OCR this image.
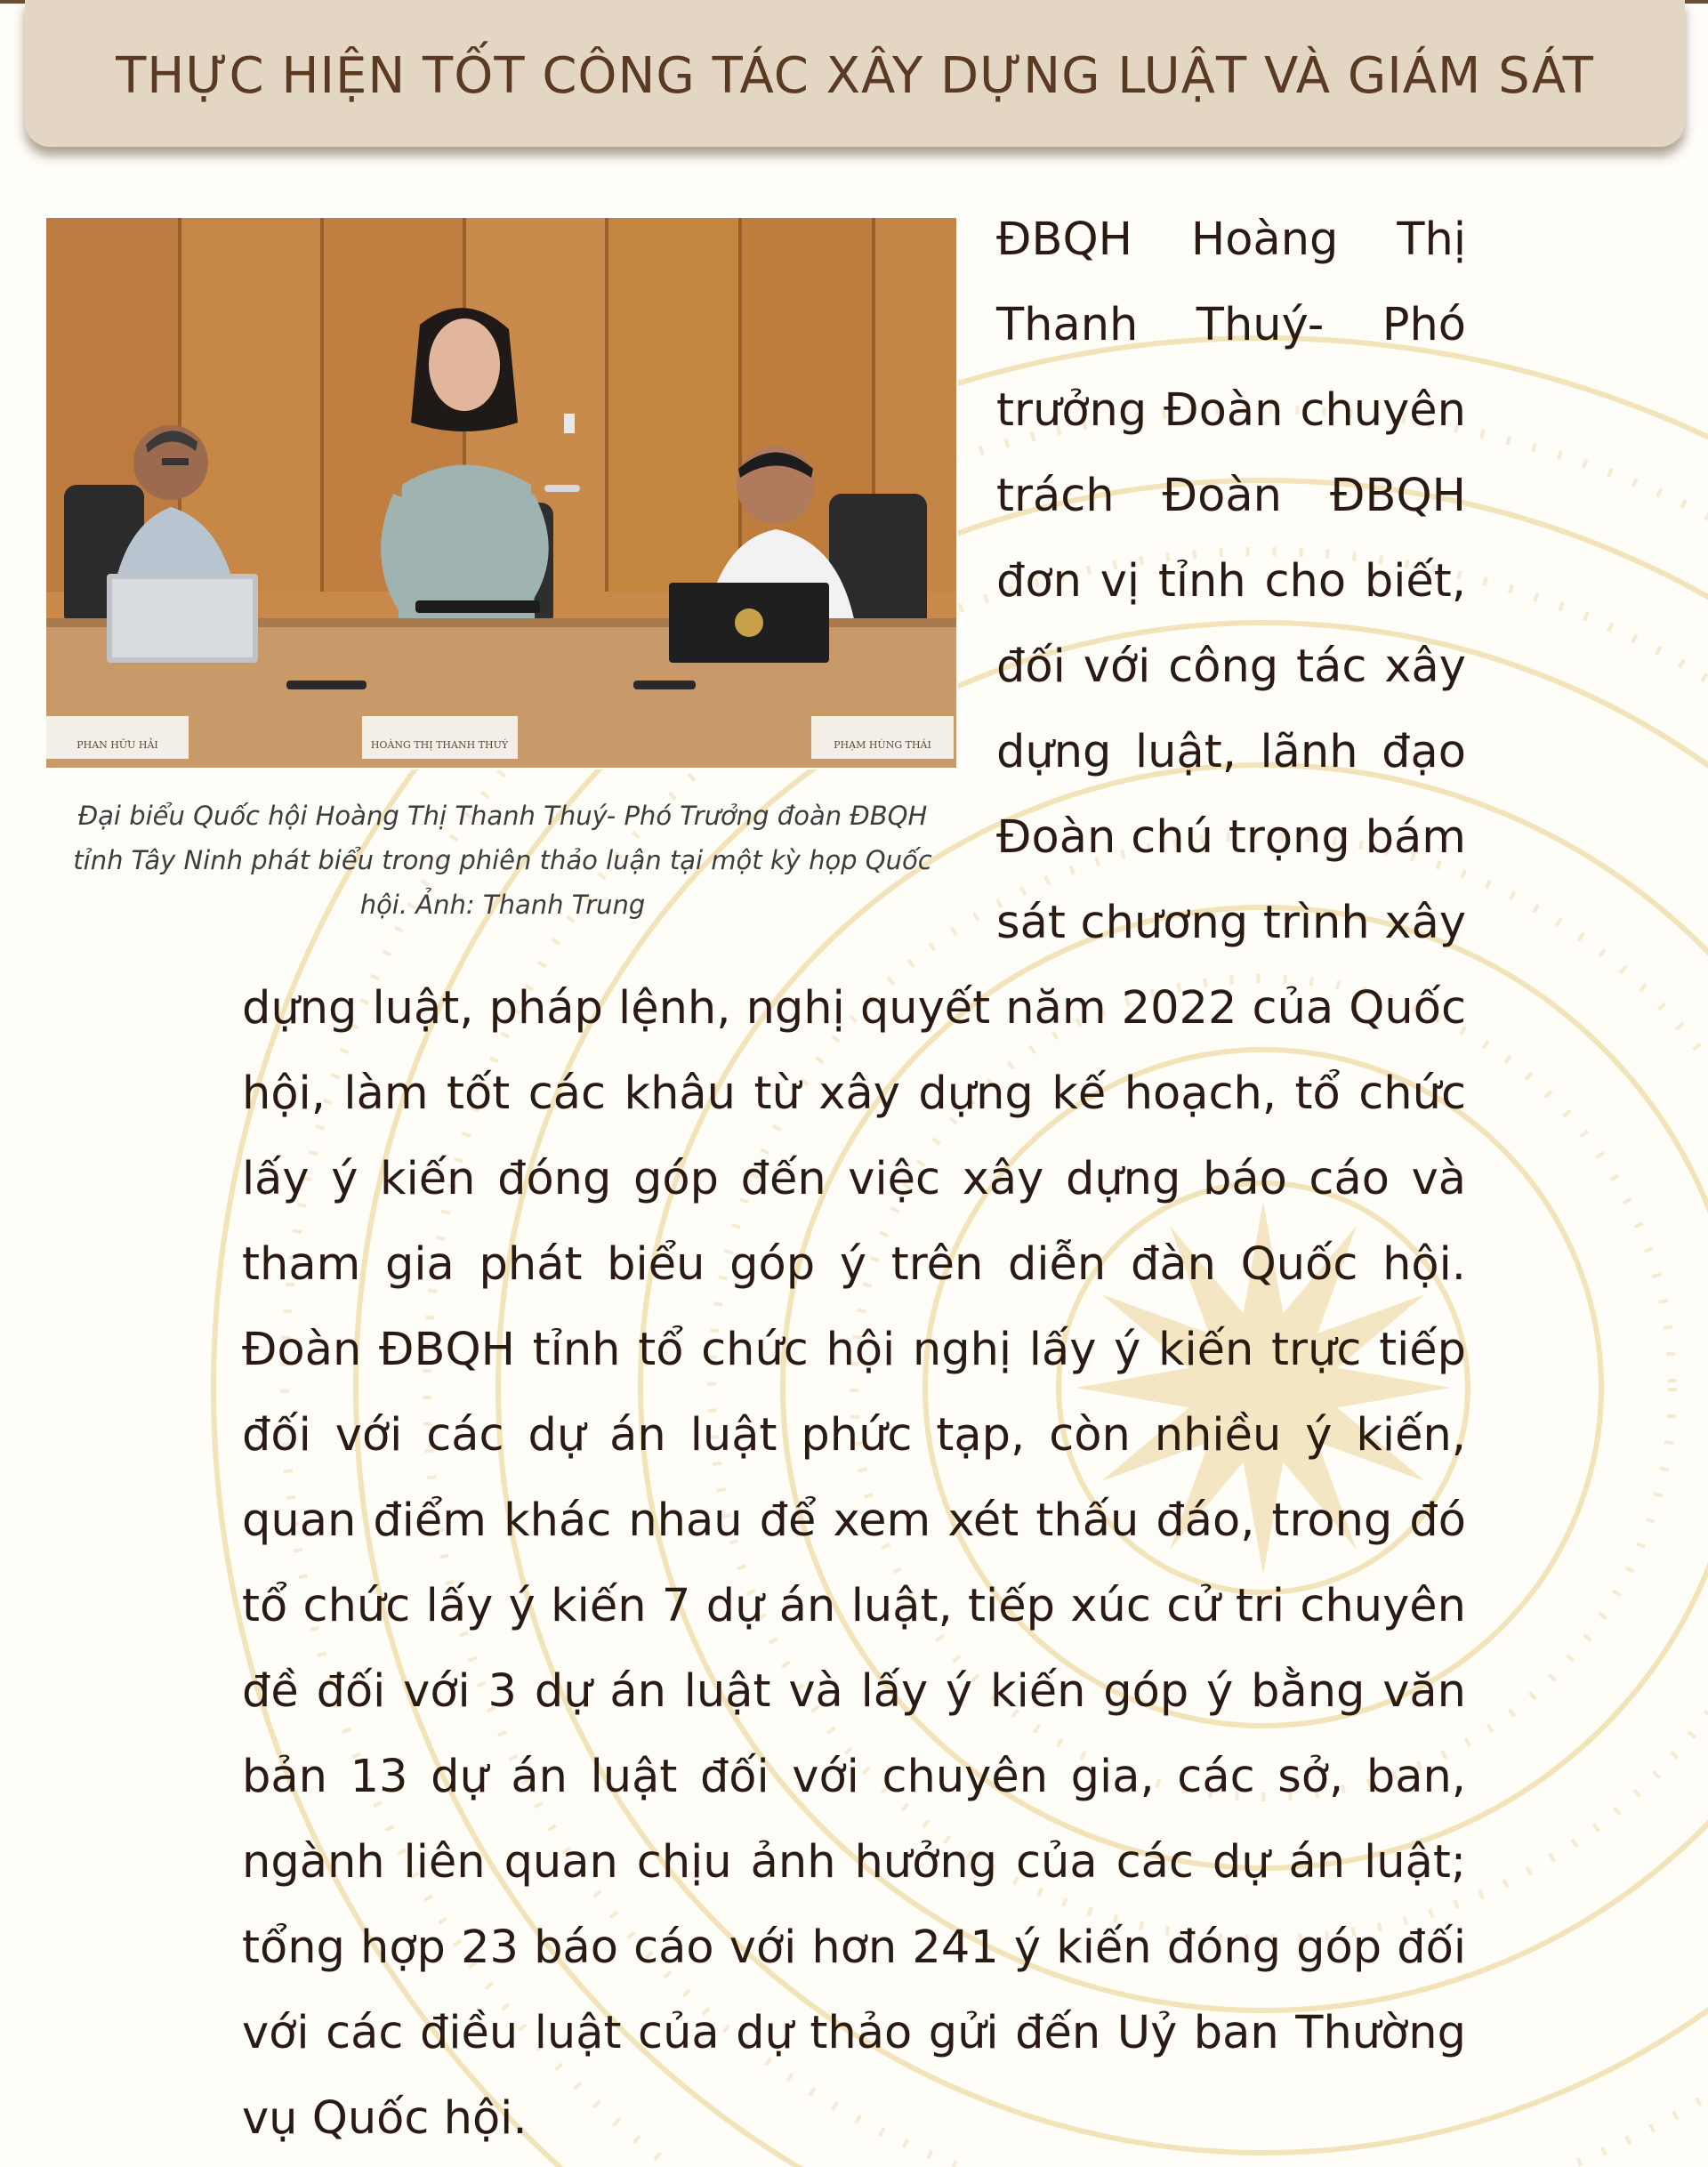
THỰC HIỆN TỐT CÔNG TÁC XÂY DỰNG LUẬT VÀ GIÁM SÁT
PHAN HỮU HẢI	HOÀNG THỊ THANH THUÝ	PHẠM HÙNG THÁI
Đại biểu Quốc hội Hoàng Thị Thanh Thuý- Phó Trưởng đoàn ĐBQH
tỉnh Tây Ninh phát biểu trong phiên thảo luận tại một kỳ họp Quốc
hội. Ảnh: Thanh Trung
ĐBQH Hoàng Thị
Thanh Thuý- Phó
trưởng Đoàn chuyên
trách Đoàn ĐBQH
đơn vị tỉnh cho biết,
đối với công tác xây
dựng luật, lãnh đạo
Đoàn chú trọng bám
sát chương trình xây
dựng luật, pháp lệnh, nghị quyết năm 2022 của Quốc
hội, làm tốt các khâu từ xây dựng kế hoạch, tổ chức
lấy ý kiến đóng góp đến việc xây dựng báo cáo và
tham gia phát biểu góp ý trên diễn đàn Quốc hội.
Đoàn ĐBQH tỉnh tổ chức hội nghị lấy ý kiến trực tiếp
đối với các dự án luật phức tạp, còn nhiều ý kiến,
quan điểm khác nhau để xem xét thấu đáo, trong đó
tổ chức lấy ý kiến 7 dự án luật, tiếp xúc cử tri chuyên
đề đối với 3 dự án luật và lấy ý kiến góp ý bằng văn
bản 13 dự án luật đối với chuyên gia, các sở, ban,
ngành liên quan chịu ảnh hưởng của các dự án luật;
tổng hợp 23 báo cáo với hơn 241 ý kiến đóng góp đối
với các điều luật của dự thảo gửi đến Uỷ ban Thường
vụ Quốc hội.
